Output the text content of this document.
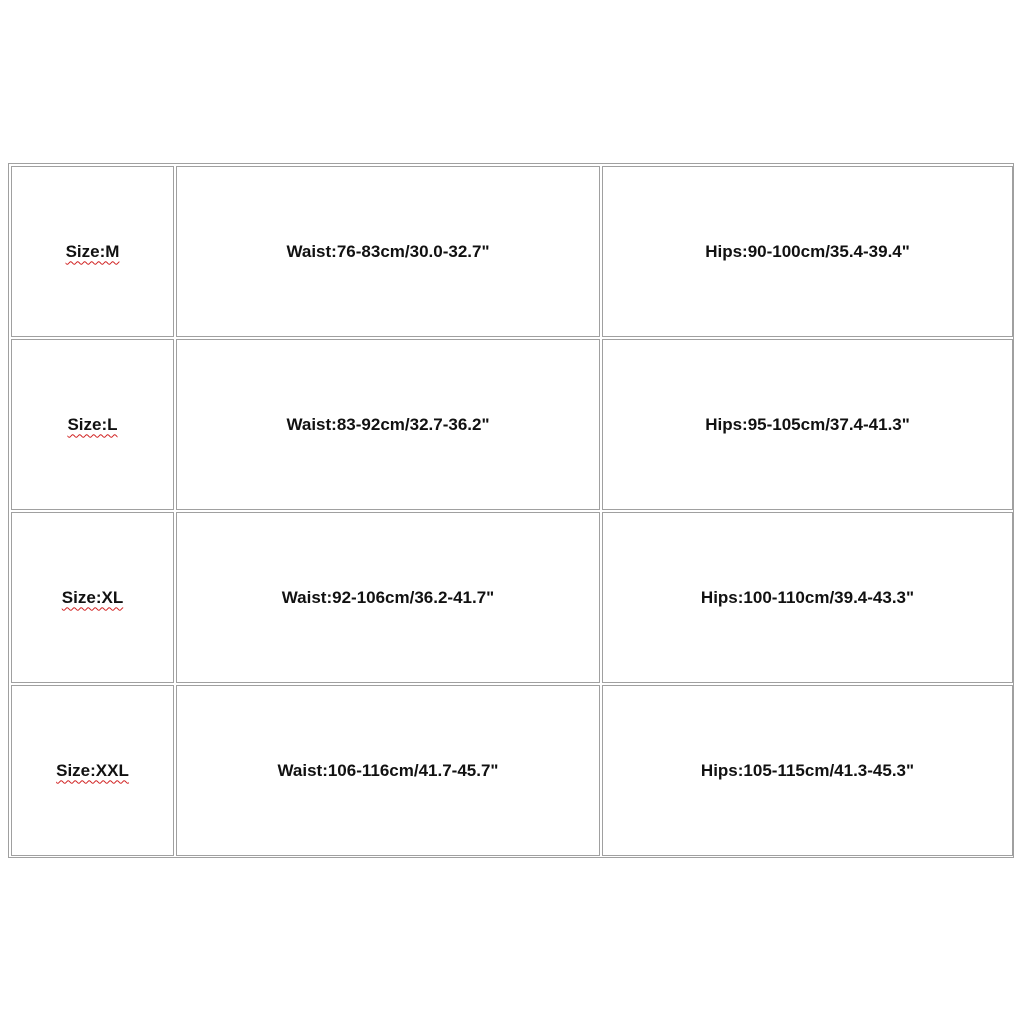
Size:M	Waist:76-83cm/30.0-32.7"	Hips:90-100cm/35.4-39.4"
Size:L	Waist:83-92cm/32.7-36.2"	Hips:95-105cm/37.4-41.3"
Size:XL	Waist:92-106cm/36.2-41.7"	Hips:100-110cm/39.4-43.3"
Size:XXL	Waist:106-116cm/41.7-45.7"	Hips:105-115cm/41.3-45.3"
